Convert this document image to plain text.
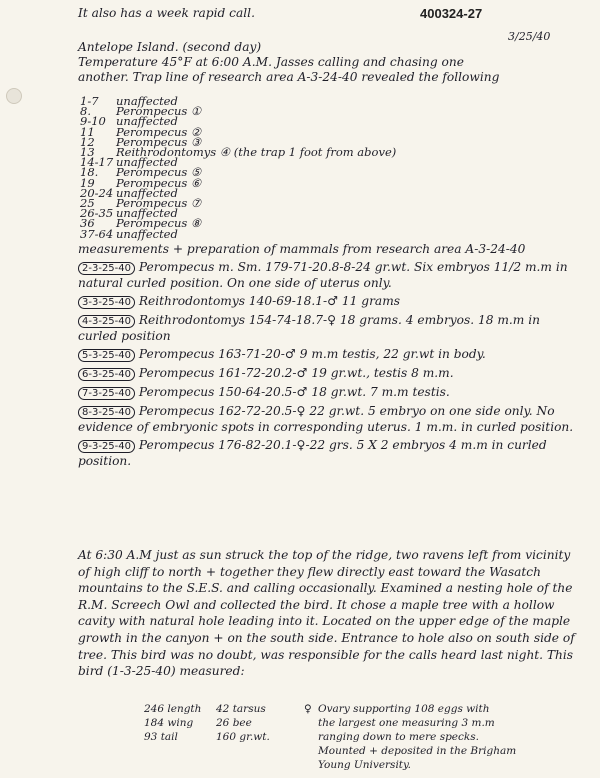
It also has a week rapid call.	400324-27
3/25/40
Antelope Island. (second day)
Temperature 45°F at 6:00 A.M. Jasses calling and chasing one
another. Trap line of research area A-3-24-40 revealed the following
1-7 unaffected
8. Perompecus ①
9-10 unaffected
11 Perompecus ②
12 Perompecus ③
13 Reithrodontomys ④ (the trap 1 foot from above)
14-17 unaffected
18. Perompecus ⑤
19 Perompecus ⑥
20-24 unaffected
25 Perompecus ⑦
26-35 unaffected
36 Perompecus ⑧
37-64 unaffected
measurements + preparation of mammals from research area A-3-24-40
2-3-25-40 Perompecus m. Sm. 179-71-20.8-8-24 gr.wt. Six embryos 11/2 m.m in natural curled position. On one side of uterus only.
3-3-25-40 Reithrodontomys 140-69-18.1-♂ 11 grams
4-3-25-40 Reithrodontomys 154-74-18.7-♀ 18 grams. 4 embryos. 18 m.m in curled position
5-3-25-40 Perompecus 163-71-20-♂ 9 m.m testis, 22 gr.wt in body.
6-3-25-40 Perompecus 161-72-20.2-♂ 19 gr.wt., testis 8 m.m.
7-3-25-40 Perompecus 150-64-20.5-♂ 18 gr.wt. 7 m.m testis.
8-3-25-40 Perompecus 162-72-20.5-♀ 22 gr.wt. 5 embryo on one side only. No evidence of embryonic spots in corresponding uterus. 1 m.m. in curled position.
9-3-25-40 Perompecus 176-82-20.1-♀-22 grs. 5 X 2 embryos 4 m.m in curled position.
At 6:30 A.M just as sun struck the top of the ridge, two ravens left from vicinity of high cliff to north + together they flew directly east toward the Wasatch mountains to the S.E.S. and calling occasionally. Examined a nesting hole of the R.M. Screech Owl and collected the bird. It chose a maple tree with a hollow cavity with natural hole leading into it. Located on the upper edge of the maple growth in the canyon + on the south side. Entrance to hole also on south side of tree. This bird was no doubt, was responsible for the calls heard last night. This bird (1-3-25-40) measured:
246 length
184 wing
93 tail
42 tarsus
26 bee
160 gr.wt.
♀ Ovary supporting 108 eggs with
the largest one measuring 3 m.m
ranging down to mere specks.
Mounted + deposited in the Brigham
Young University.
